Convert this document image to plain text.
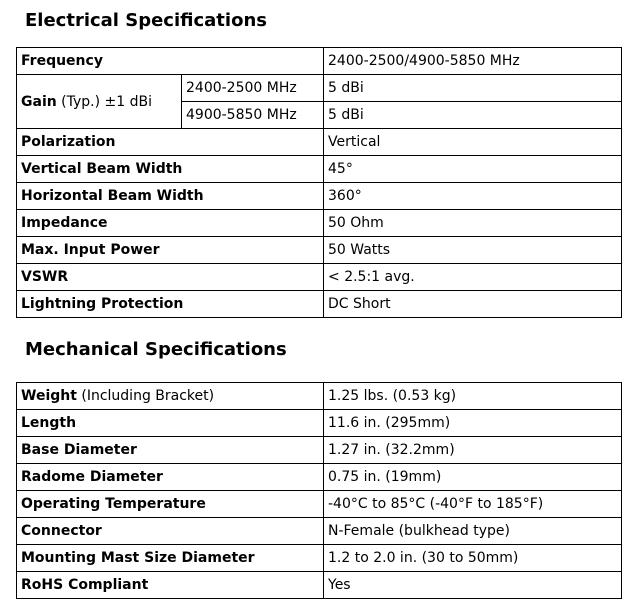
Electrical Specifications
Frequency		2400-2500/4900-5850 MHz
Gain (Typ.) ±1 dBi	2400-2500 MHz	5 dBi
	4900-5850 MHz	5 dBi
Polarization		Vertical
Vertical Beam Width		45°
Horizontal Beam Width		360°
Impedance		50 Ohm
Max. Input Power		50 Watts
VSWR		< 2.5:1 avg.
Lightning Protection		DC Short
Mechanical Specifications
Weight (Including Bracket)	1.25 lbs. (0.53 kg)
Length	11.6 in. (295mm)
Base Diameter	1.27 in. (32.2mm)
Radome Diameter	0.75 in. (19mm)
Operating Temperature	-40°C to 85°C (-40°F to 185°F)
Connector	N-Female (bulkhead type)
Mounting Mast Size Diameter	1.2 to 2.0 in. (30 to 50mm)
RoHS Compliant	Yes
